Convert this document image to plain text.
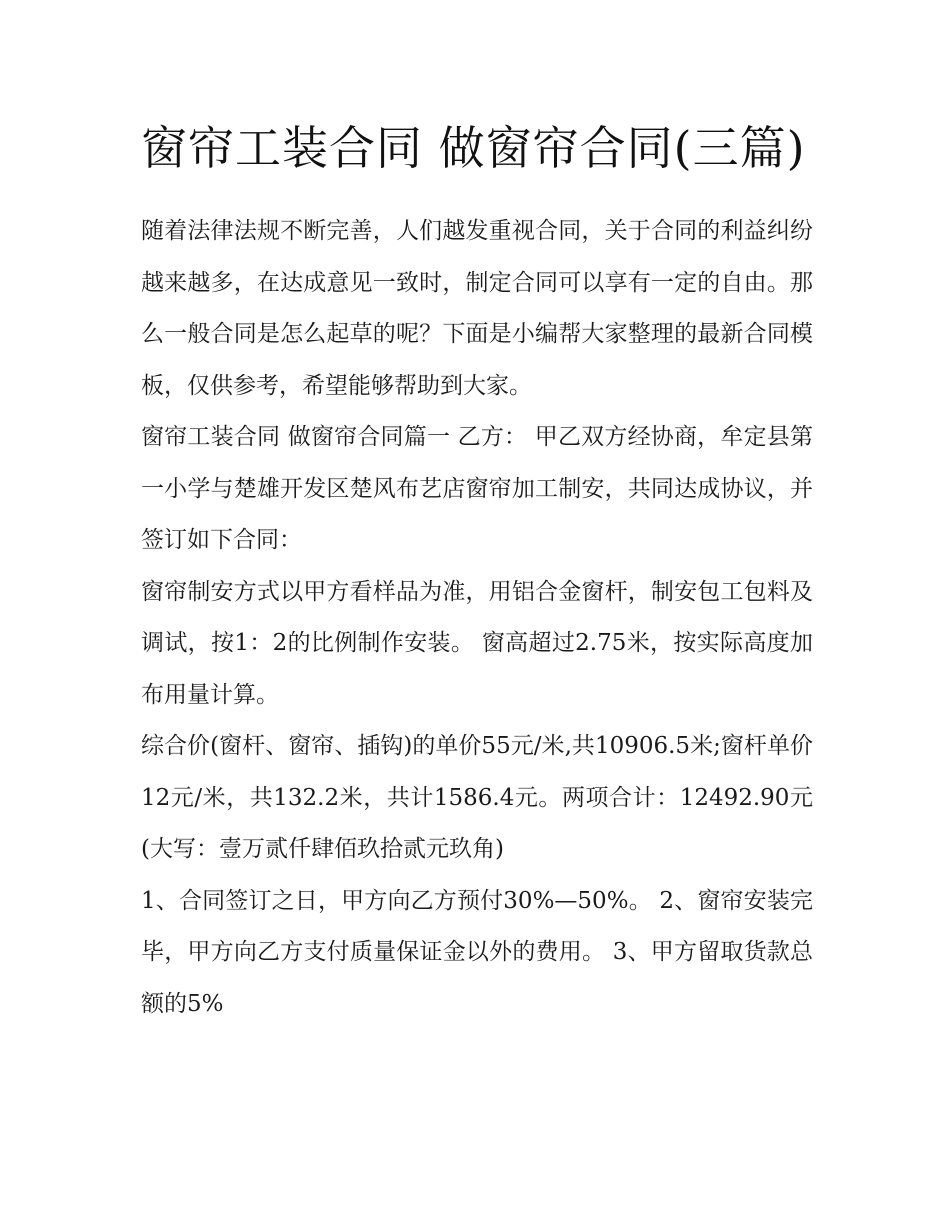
窗帘工装合同 做窗帘合同(三篇)

随着法律法规不断完善，人们越发重视合同，关于合同的利益纠纷越来越多，在达成意见一致时，制定合同可以享有一定的自由。那么一般合同是怎么起草的呢？下面是小编帮大家整理的最新合同模板，仅供参考，希望能够帮助到大家。

窗帘工装合同 做窗帘合同篇一 乙方： 甲乙双方经协商，牟定县第一小学与楚雄开发区楚风布艺店窗帘加工制安，共同达成协议，并签订如下合同：

窗帘制安方式以甲方看样品为准，用铝合金窗杆，制安包工包料及调试，按1：2的比例制作安装。 窗高超过2.75米，按实际高度加布用量计算。

综合价(窗杆、窗帘、插钩)的单价55元/米,共10906.5米;窗杆单价12元/米，共132.2米，共计1586.4元。两项合计：12492.90元(大写：壹万贰仟肆佰玖拾贰元玖角)

1、合同签订之日，甲方向乙方预付30%—50%。 2、窗帘安装完毕，甲方向乙方支付质量保证金以外的费用。 3、甲方留取货款总额的5%
